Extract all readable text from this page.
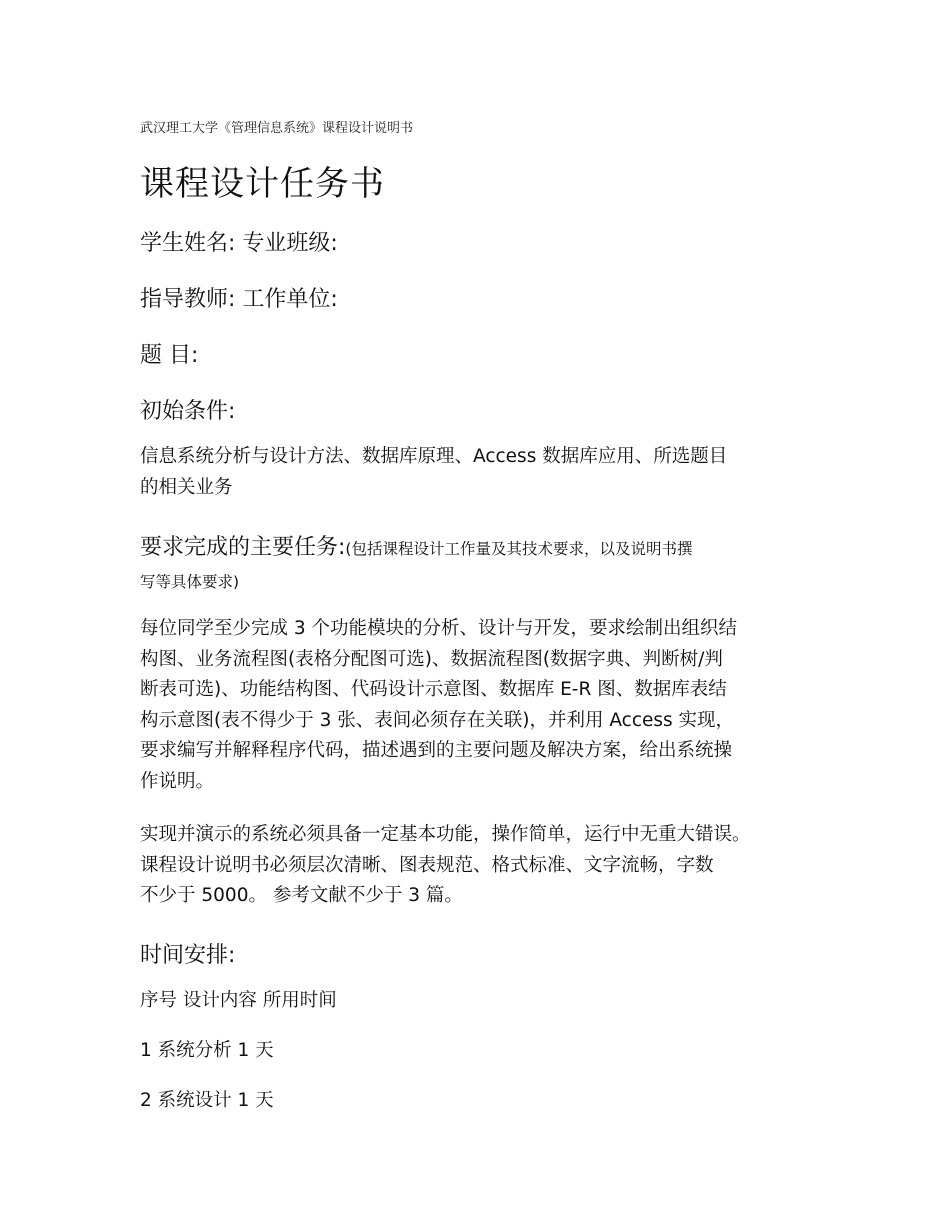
武汉理工大学《管理信息系统》课程设计说明书

课程设计任务书

学生姓名: 专业班级:

指导教师: 工作单位:

题 目:

初始条件:

信息系统分析与设计方法、数据库原理、Access 数据库应用、所选题目
的相关业务

要求完成的主要任务:(包括课程设计工作量及其技术要求，以及说明书撰

写等具体要求)

每位同学至少完成 3 个功能模块的分析、设计与开发，要求绘制出组织结
构图、业务流程图(表格分配图可选)、数据流程图(数据字典、判断树/判
断表可选)、功能结构图、代码设计示意图、数据库 E-R 图、数据库表结
构示意图(表不得少于 3 张、表间必须存在关联)，并利用 Access 实现，
要求编写并解释程序代码，描述遇到的主要问题及解决方案，给出系统操
作说明。
实现并演示的系统必须具备一定基本功能，操作简单，运行中无重大错误。
课程设计说明书必须层次清晰、图表规范、格式标准、文字流畅，字数
不少于 5000。 参考文献不少于 3 篇。

时间安排:

序号 设计内容 所用时间

1 系统分析 1 天

2 系统设计 1 天
